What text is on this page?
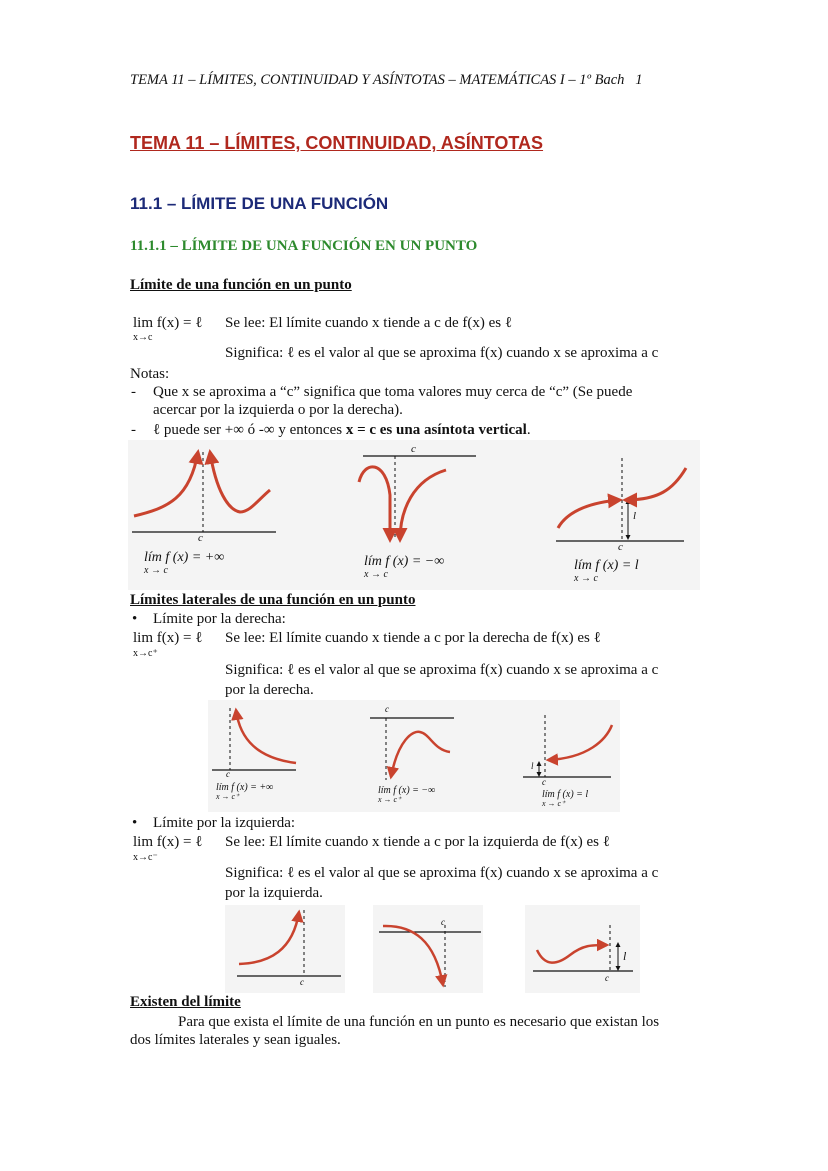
TEMA 11 – LÍMITES, CONTINUIDAD Y ASÍNTOTAS – MATEMÁTICAS I – 1º Bach 1
TEMA 11 – LÍMITES, CONTINUIDAD, ASÍNTOTAS
11.1 – LÍMITE DE UNA FUNCIÓN
11.1.1 – LÍMITE DE UNA FUNCIÓN EN UN PUNTO
Límite de una función en un punto
lim f(x) = ℓ
x→c
Se lee: El límite cuando x tiende a c de f(x) es ℓ
Significa: ℓ es el valor al que se aproxima f(x) cuando x se aproxima a c
Notas:
- Que x se aproxima a “c” significa que toma valores muy cerca de “c” (Se puede
acercar por la izquierda o por la derecha).
- ℓ puede ser +∞ ó -∞ y entonces x = c es una asíntota vertical.
c
c
c
l
lím f (x) = +∞
x → c
lím f (x) = −∞
x → c
lím f (x) = l
x → c
Límites laterales de una función en un punto
• Límite por la derecha:
lim f(x) = ℓ
x→c⁺
Se lee: El límite cuando x tiende a c por la derecha de f(x) es ℓ
Significa: ℓ es el valor al que se aproxima f(x) cuando x se aproxima a c
por la derecha.
c
c
c
l
lím f (x) = +∞
x → c⁺
lím f (x) = −∞
x → c⁺	lím f (x) = l
x → c⁺
• Límite por la izquierda:
lim f(x) = ℓ
x→c⁻
Se lee: El límite cuando x tiende a c por la izquierda de f(x) es ℓ
Significa: ℓ es el valor al que se aproxima f(x) cuando x se aproxima a c
por la izquierda.
c
c
c
l
Existen del límite
Para que exista el límite de una función en un punto es necesario que existan los
dos límites laterales y sean iguales.
